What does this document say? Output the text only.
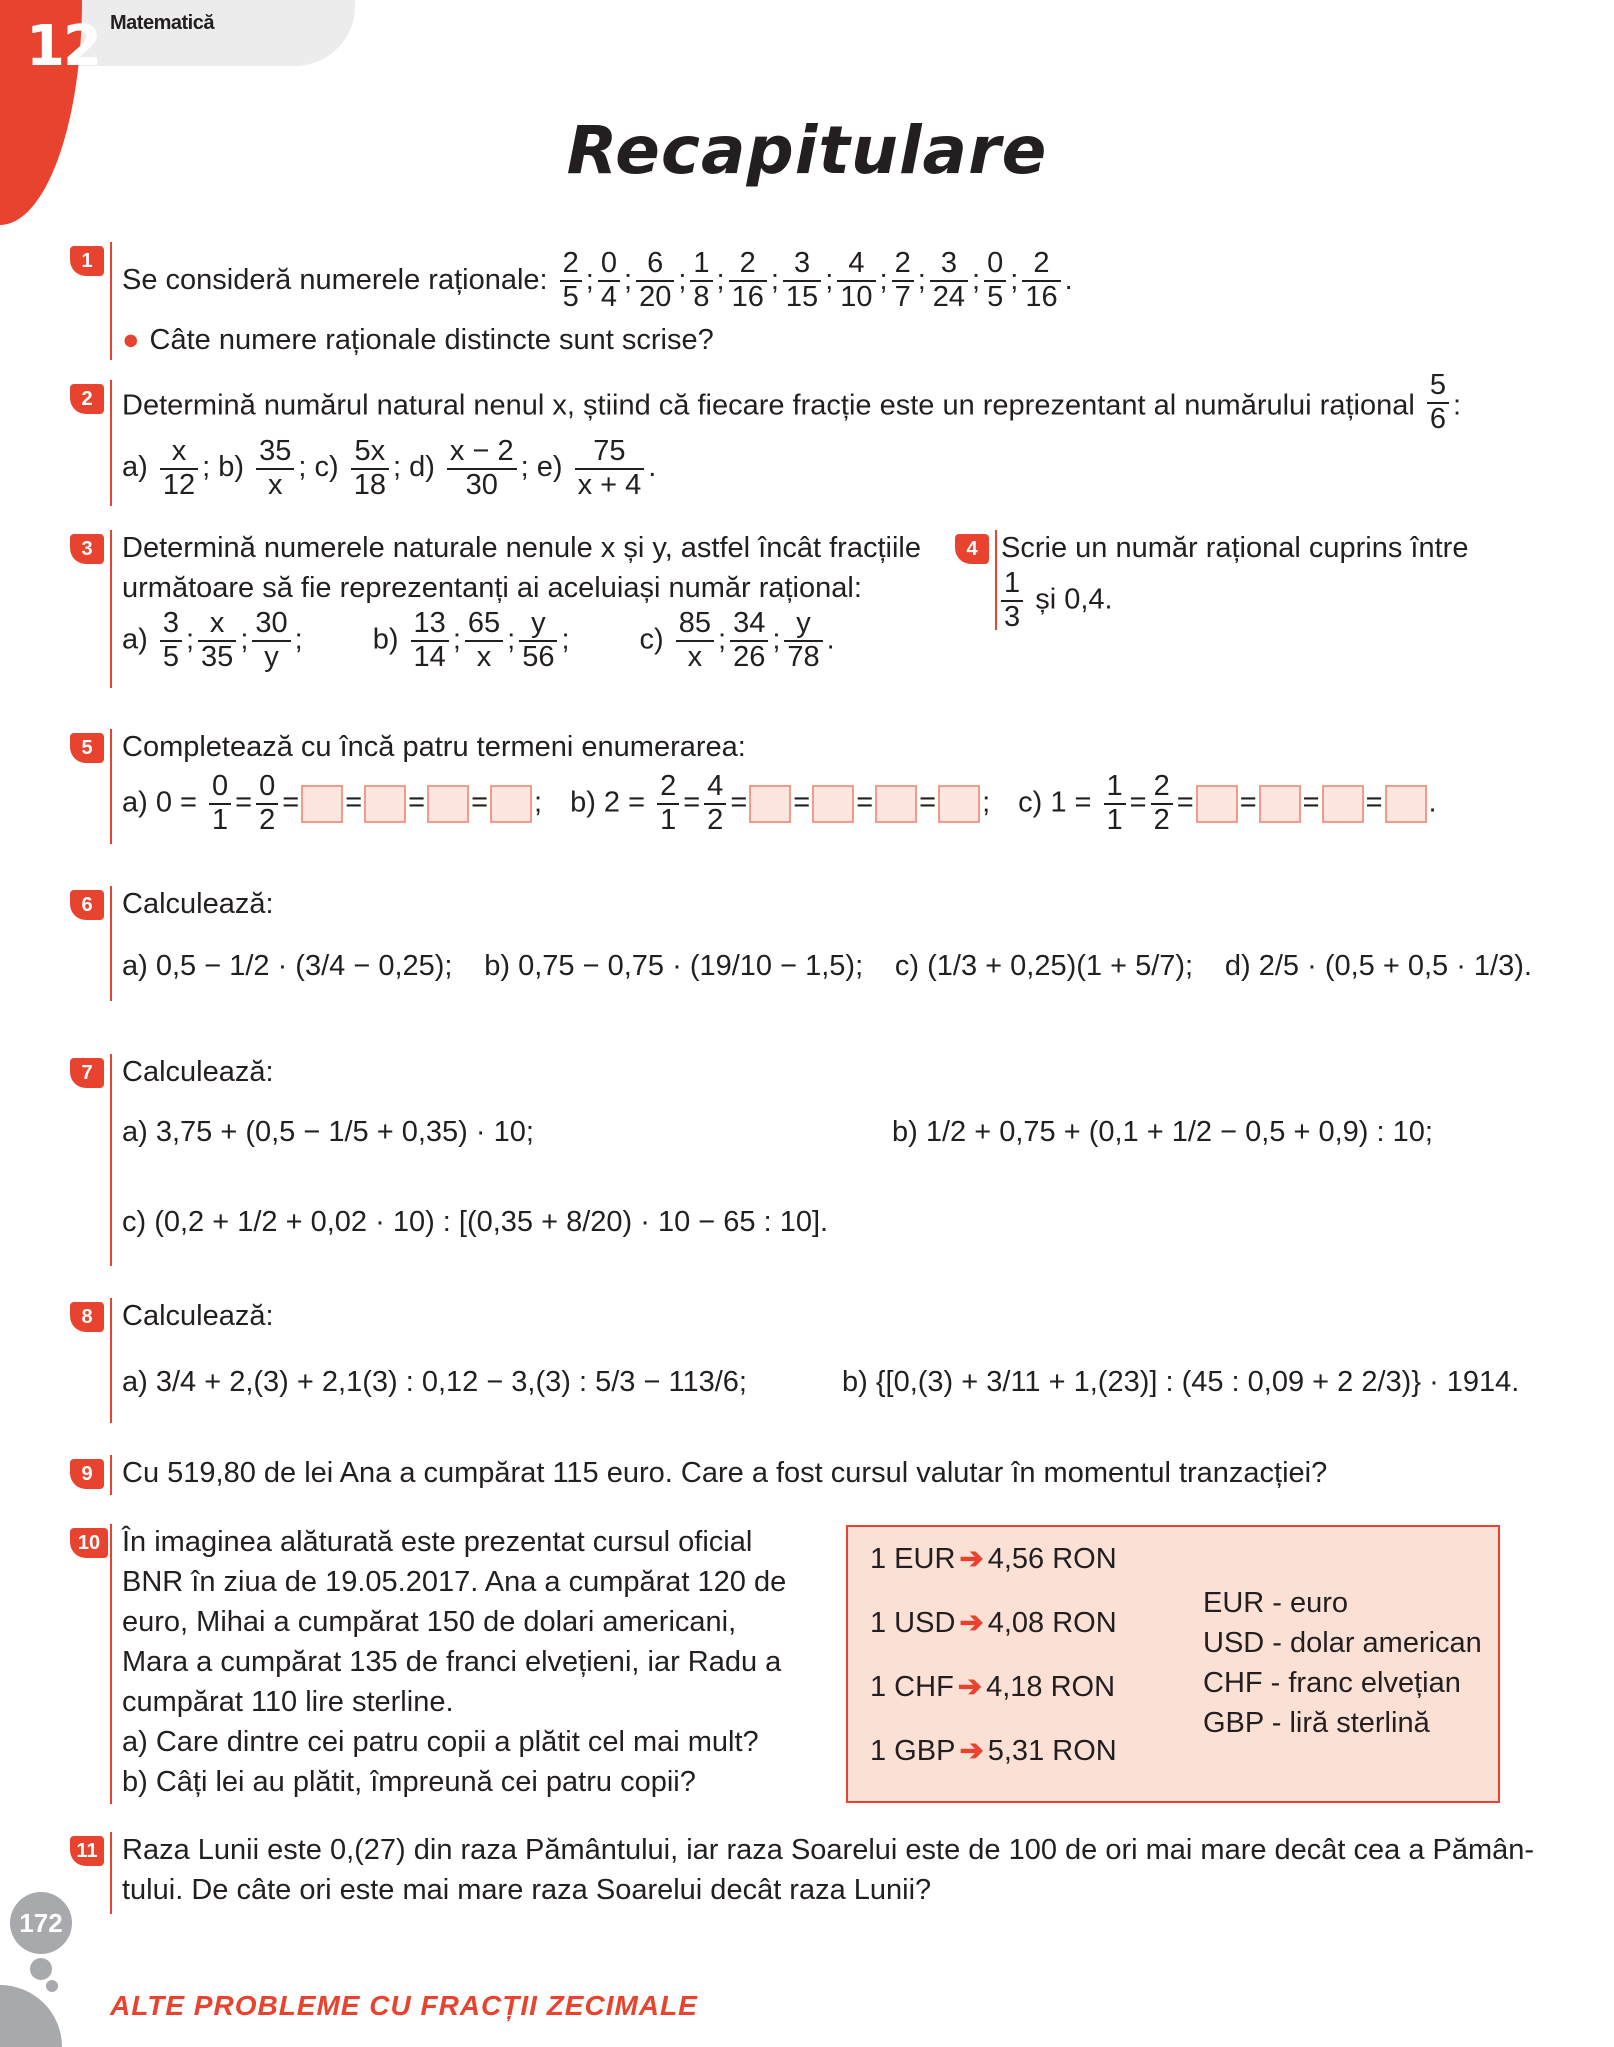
12 Matematică
Recapitulare
1
Se consideră numerele raționale: $\frac{2}{5}$ ; $\frac{0}{4}$ ; $\frac{6}{20}$ ; $\frac{1}{8}$ ; $\frac{2}{16}$ ; $\frac{3}{15}$ ; $\frac{4}{10}$ ; $\frac{2}{7}$ ; $\frac{3}{24}$ ; $\frac{0}{5}$ ; $\frac{2}{16}$ .
● Câte numere raționale distincte sunt scrise?
2	Determină numărul natural nenul x, știind că fiecare fracție este un reprezentant al numărului rațional $\frac{5}{6}$ :
$a) \frac{x}{12}$ ; $b) \frac{35}{x}$ ; $c) \frac{5x}{18}$ ; $d) \frac{x - 2}{30}$ ; $e) \frac{75}{x + 4}$ .
3	Determină numerele naturale nenule x și y, astfel încât fracțiile
următoare să fie reprezentanți ai aceluiași număr rațional:
$a) \frac{3}{5}$ ; $\frac{x}{35}$ ; $\frac{30}{y}$ ; $b) \frac{13}{14}$ ; $\frac{65}{x}$ ; $\frac{y}{56}$ ; $c) \frac{85}{x}$ ; $\frac{34}{26}$ ; $\frac{y}{78}$ .
4 Scrie un număr rațional cuprins între
$\frac{1}{3}$ și 0,4.
5	Completează cu încă patru termeni enumerarea:
a) $0 = \frac{0}{1} = \frac{0}{2}$ = = = = ; b) $2 = \frac{2}{1} = \frac{4}{2}$ = = = = ; c) $1 = \frac{1}{1} = \frac{2}{2}$ = = = = .
6	Calculează:
a) 0,5 − 1/2 · (3/4 − 0,25); b) 0,75 − 0,75 · (19/10 − 1,5); c) (1/3 + 0,25)(1 + 5/7); d) 2/5 · (0,5 + 0,5 · 1/3).
7	Calculează:
a) 3,75 + (0,5 − 1/5 + 0,35) · 10;	b) 1/2 + 0,75 + (0,1 + 1/2 − 0,5 + 0,9) : 10;
c) (0,2 + 1/2 + 0,02 · 10) : [(0,35 + 8/20) · 10 − 65 : 10].
8	Calculează:
a) 3/4 + 2,(3) + 2,1(3) : 0,12 − 3,(3) : 5/3 − 113/6;	b) {[0,(3) + 3/11 + 1,(23)] : (45 : 0,09 + 2 2/3)} · 1914.
9	Cu 519,80 de lei Ana a cumpărat 115 euro. Care a fost cursul valutar în momentul tranzacției?
10 În imaginea alăturată este prezentat cursul oficial
BNR în ziua de 19.05.2017. Ana a cumpărat 120 de
euro, Mihai a cumpărat 150 de dolari americani,
Mara a cumpărat 135 de franci elvețieni, iar Radu a
cumpărat 110 lire sterline.
a) Care dintre cei patru copii a plătit cel mai mult?
b) Câți lei au plătit, împreună cei patru copii?
1 EUR ➔ 4,56 RON
1 USD ➔ 4,08 RON
1 CHF ➔ 4,18 RON
1 GBP ➔ 5,31 RON
EUR - euro
USD - dolar american
CHF - franc elvețian
GBP - liră sterlină
11 Raza Lunii este 0,(27) din raza Pământului, iar raza Soarelui este de 100 de ori mai mare decât cea a Pămân-
tului. De câte ori este mai mare raza Soarelui decât raza Lunii?
172
ALTE PROBLEME CU FRACȚII ZECIMALE
